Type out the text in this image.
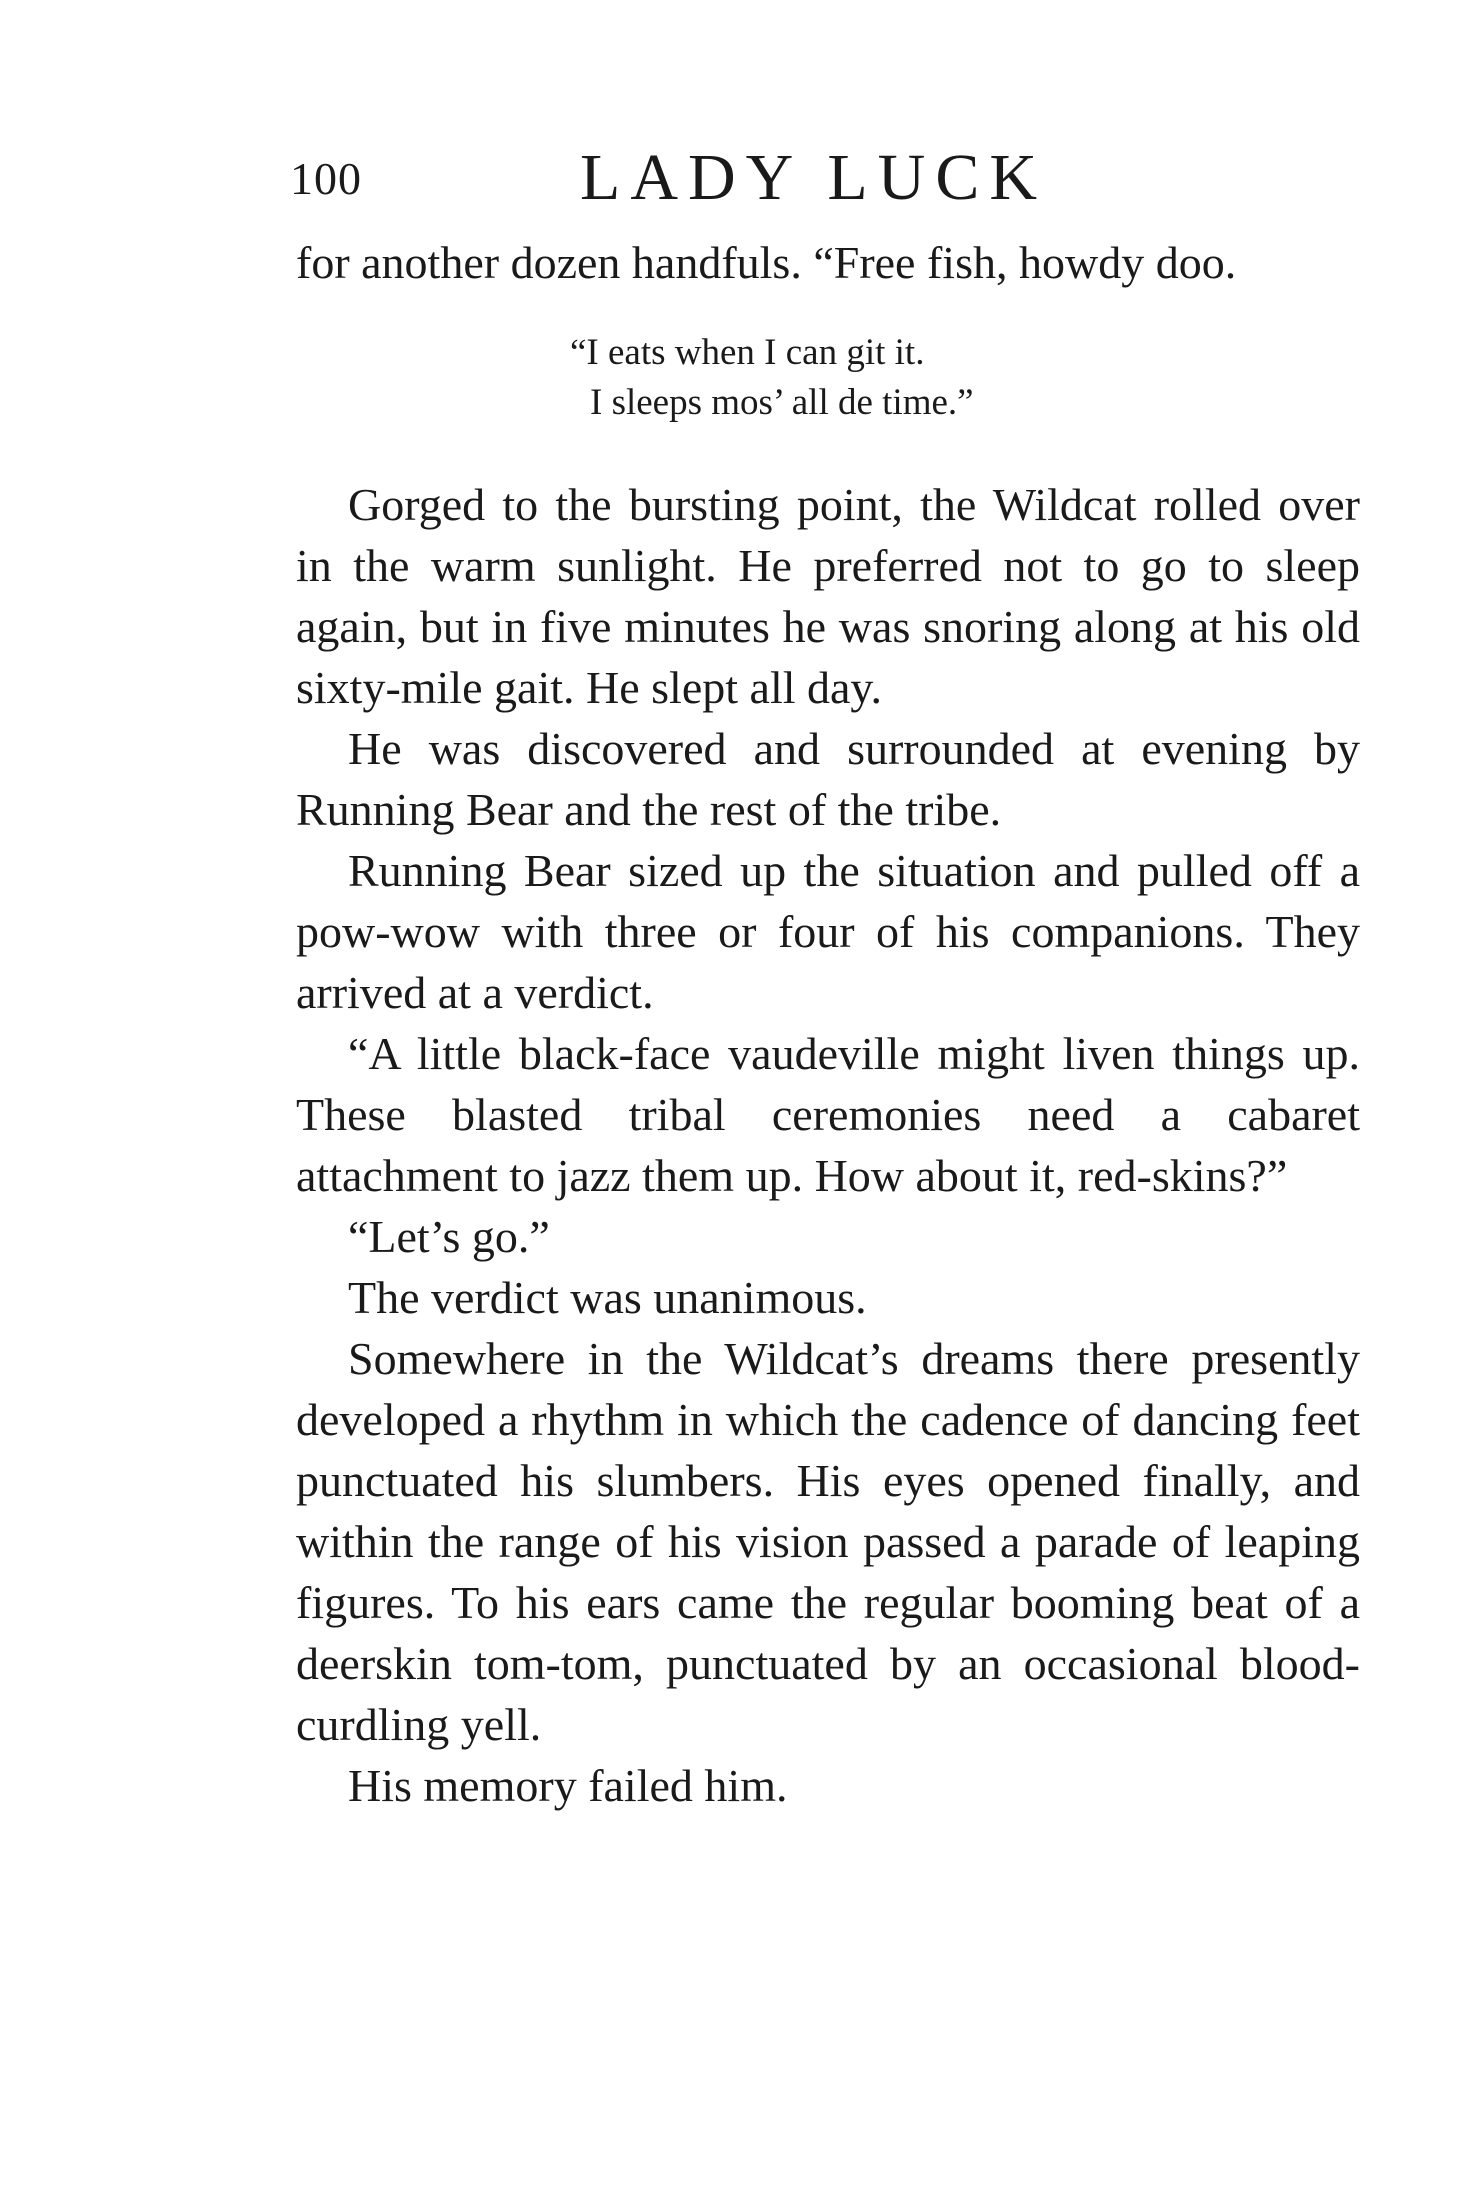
100	LADY LUCK
for another dozen handfuls. “Free fish, howdy doo.
“I eats when I can git it.
I sleeps mos’ all de time.”

Gorged to the bursting point, the Wildcat rolled over in the warm sunlight. He preferred not to go to sleep again, but in five minutes he was snoring along at his old sixty-mile gait. He slept all day.

He was discovered and surrounded at evening by Running Bear and the rest of the tribe.

Running Bear sized up the situation and pulled off a pow-wow with three or four of his companions. They arrived at a verdict.

“A little black-face vaudeville might liven things up. These blasted tribal ceremonies need a cabaret attachment to jazz them up. How about it, red-skins?”

“Let’s go.”

The verdict was unanimous.

Somewhere in the Wildcat’s dreams there presently developed a rhythm in which the cadence of dancing feet punctuated his slumbers. His eyes opened finally, and within the range of his vision passed a parade of leaping figures. To his ears came the regular booming beat of a deerskin tom-tom, punctuated by an occasional blood-curdling yell.

His memory failed him.
